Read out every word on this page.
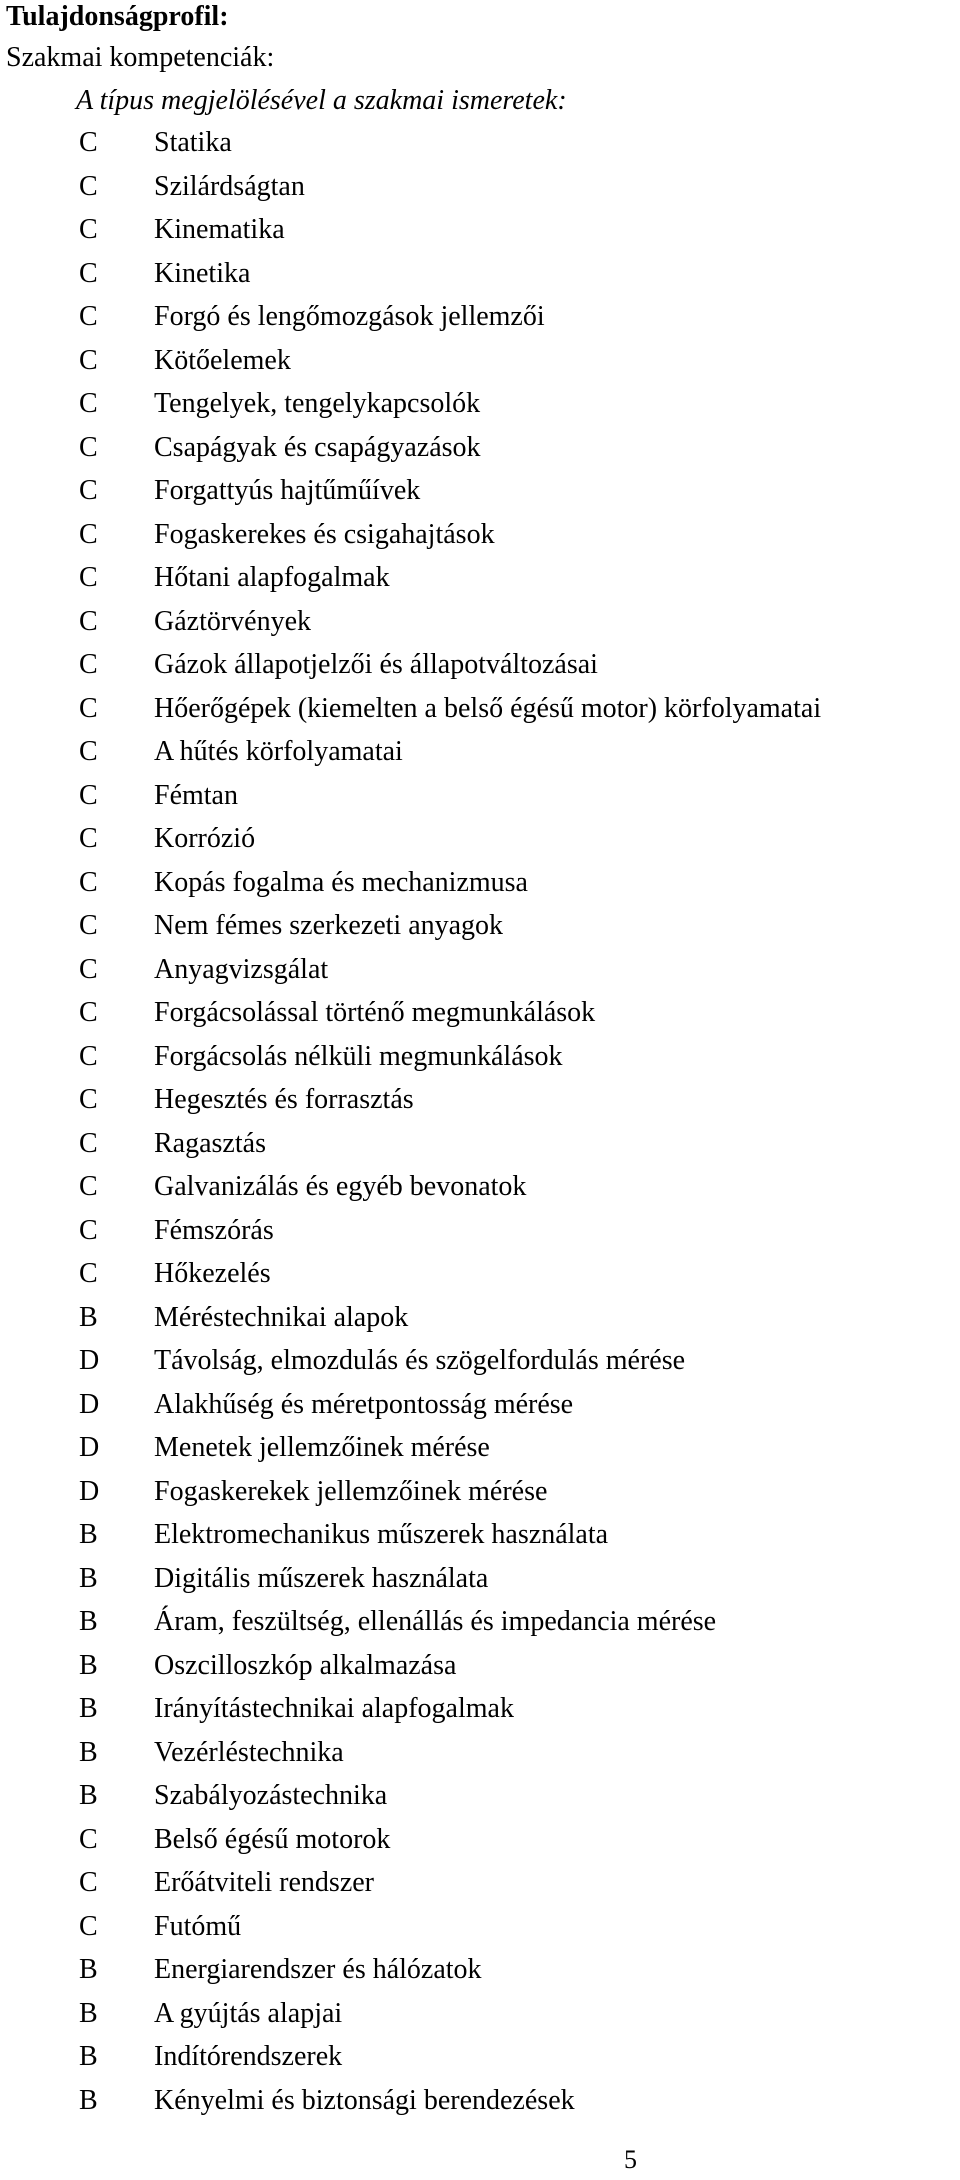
Tulajdonságprofil:
Szakmai kompetenciák:
A típus megjelölésével a szakmai ismeretek:
C Statika
C Szilárdságtan
C Kinematika
C Kinetika
C Forgó és lengőmozgások jellemzői
C Kötőelemek
C Tengelyek, tengelykapcsolók
C Csapágyak és csapágyazások
C Forgattyús hajtűműívek
C Fogaskerekes és csigahajtások
C Hőtani alapfogalmak
C Gáztörvények
C Gázok állapotjelzői és állapotváltozásai
C Hőerőgépek (kiemelten a belső égésű motor) körfolyamatai
C A hűtés körfolyamatai
C Fémtan
C Korrózió
C Kopás fogalma és mechanizmusa
C Nem fémes szerkezeti anyagok
C Anyagvizsgálat
C Forgácsolással történő megmunkálások
C Forgácsolás nélküli megmunkálások
C Hegesztés és forrasztás
C Ragasztás
C Galvanizálás és egyéb bevonatok
C Fémszórás
C Hőkezelés
B Méréstechnikai alapok
D Távolság, elmozdulás és szögelfordulás mérése
D Alakhűség és méretpontosság mérése
D Menetek jellemzőinek mérése
D Fogaskerekek jellemzőinek mérése
B Elektromechanikus műszerek használata
B Digitális műszerek használata
B Áram, feszültség, ellenállás és impedancia mérése
B Oszcilloszkóp alkalmazása
B Irányítástechnikai alapfogalmak
B Vezérléstechnika
B Szabályozástechnika
C Belső égésű motorok
C Erőátviteli rendszer
C Futómű
B Energiarendszer és hálózatok
B A gyújtás alapjai
B Indítórendszerek
B Kényelmi és biztonsági berendezések
5
